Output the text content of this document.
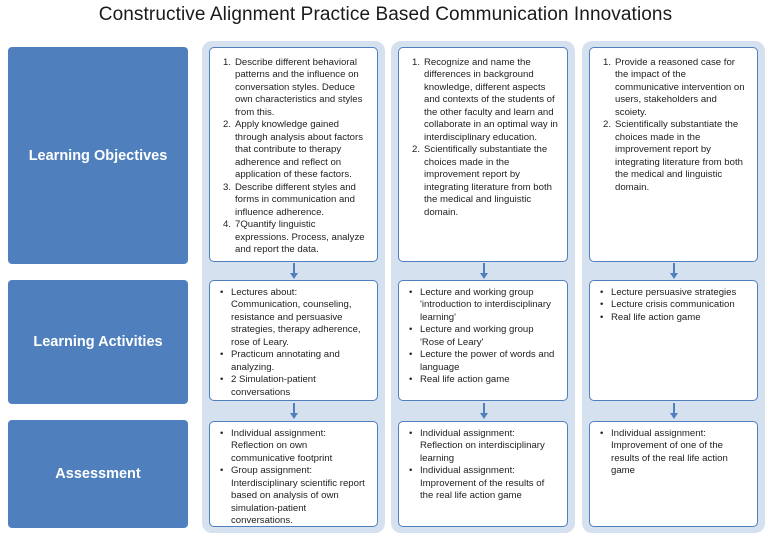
Constructive Alignment Practice Based Communication Innovations
Learning Objectives
Learning Activities
Assessment
1. Describe different behavioral patterns and the influence on conversation styles. Deduce own characteristics and styles from this.
2. Apply knowledge gained through analysis about factors that contribute to therapy adherence and reflect on application of these factors.
3. Describe different styles and forms in communication and influence adherence.
4. 7Quantify linguistic expressions. Process, analyze and report the data.
• Lectures about: Communication, counseling, resistance and persuasive strategies, therapy adherence, rose of Leary.
• Practicum annotating and analyzing.
• 2 Simulation-patient conversations
• Individual assignment: Reflection on own communicative footprint
• Group assignment: Interdisciplinary scientific report based on analysis of own simulation-patient conversations.
1. Recognize and name the differences in background knowledge, different aspects and contexts of the students of the other faculty and learn and collaborate in an optimal way in interdisciplinary education.
2. Scientifically substantiate the choices made in the improvement report by integrating literature from both the medical and linguistic domain.
• Lecture and working group 'introduction to interdisciplinary learning'
• Lecture and working group 'Rose of Leary'
• Lecture the power of words and language
• Real life action game
• Individual assignment: Reflection on interdisciplinary learning
• Individual assignment: Improvement of the results of the real life action game
1. Provide a reasoned case for the impact of the communicative intervention on users, stakeholders and scoiety.
2. Scientifically substantiate the choices made in the improvement report by integrating literature from both the medical and linguistic domain.
• Lecture persuasive strategies
• Lecture crisis communication
• Real life action game
• Individual assignment: Improvement of one of the results of the real life action game
